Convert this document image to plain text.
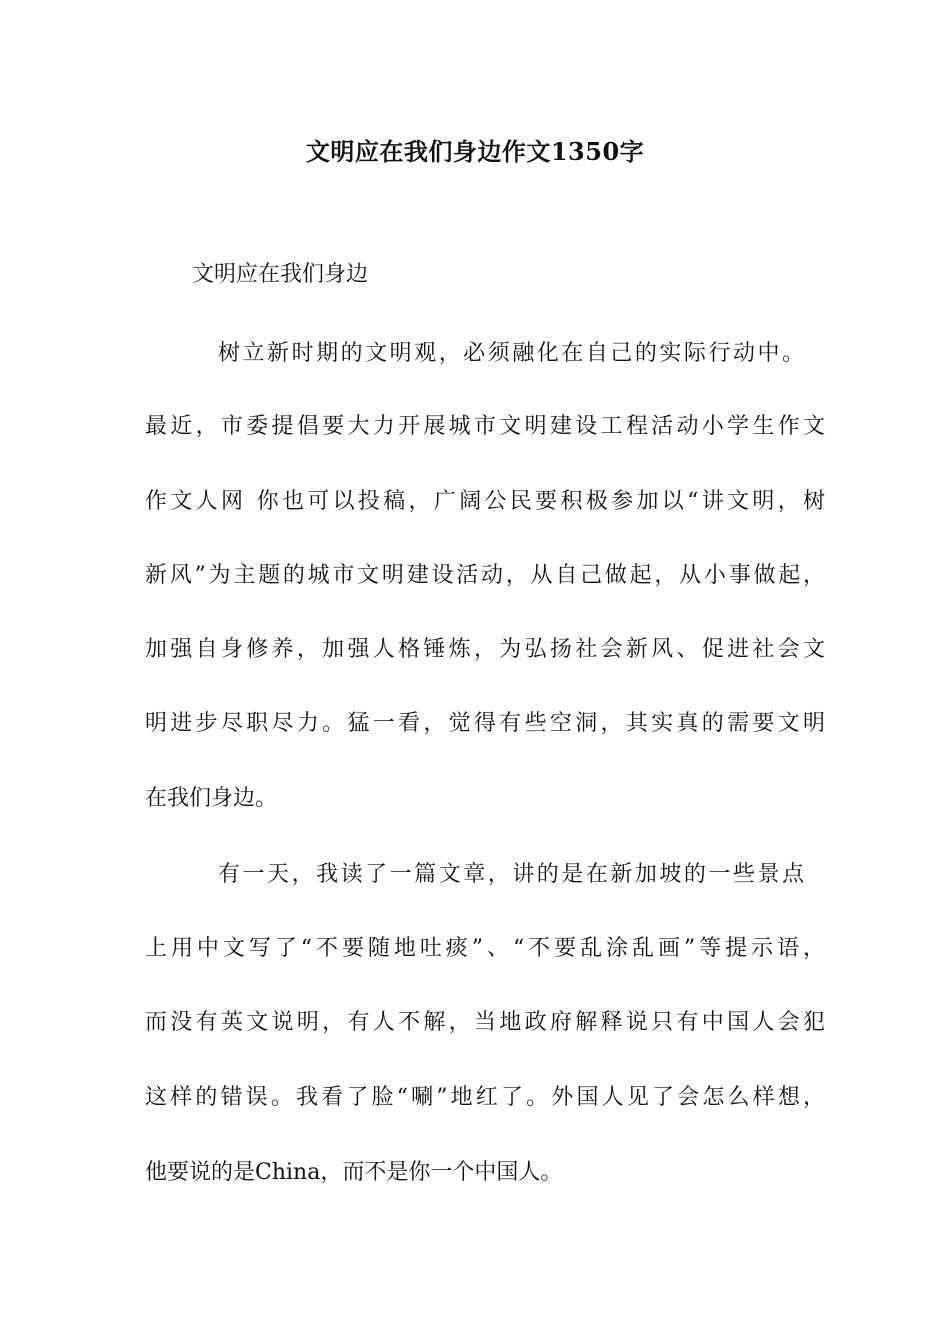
文明应在我们身边作文1350字
文明应在我们身边
树立新时期的文明观，必须融化在自己的实际行动中。
最近，市委提倡要大力开展城市文明建设工程活动小学生作文
作文人网 你也可以投稿，广阔公民要积极参加以“讲文明，树
新风”为主题的城市文明建设活动，从自己做起，从小事做起，
加强自身修养，加强人格锤炼，为弘扬社会新风、促进社会文
明进步尽职尽力。猛一看，觉得有些空洞，其实真的需要文明
在我们身边。
有一天，我读了一篇文章，讲的是在新加坡的一些景点
上用中文写了“不要随地吐痰”、“不要乱涂乱画”等提示语，
而没有英文说明，有人不解，当地政府解释说只有中国人会犯
这样的错误。我看了脸“唰”地红了。外国人见了会怎么样想，
他要说的是China，而不是你一个中国人。
